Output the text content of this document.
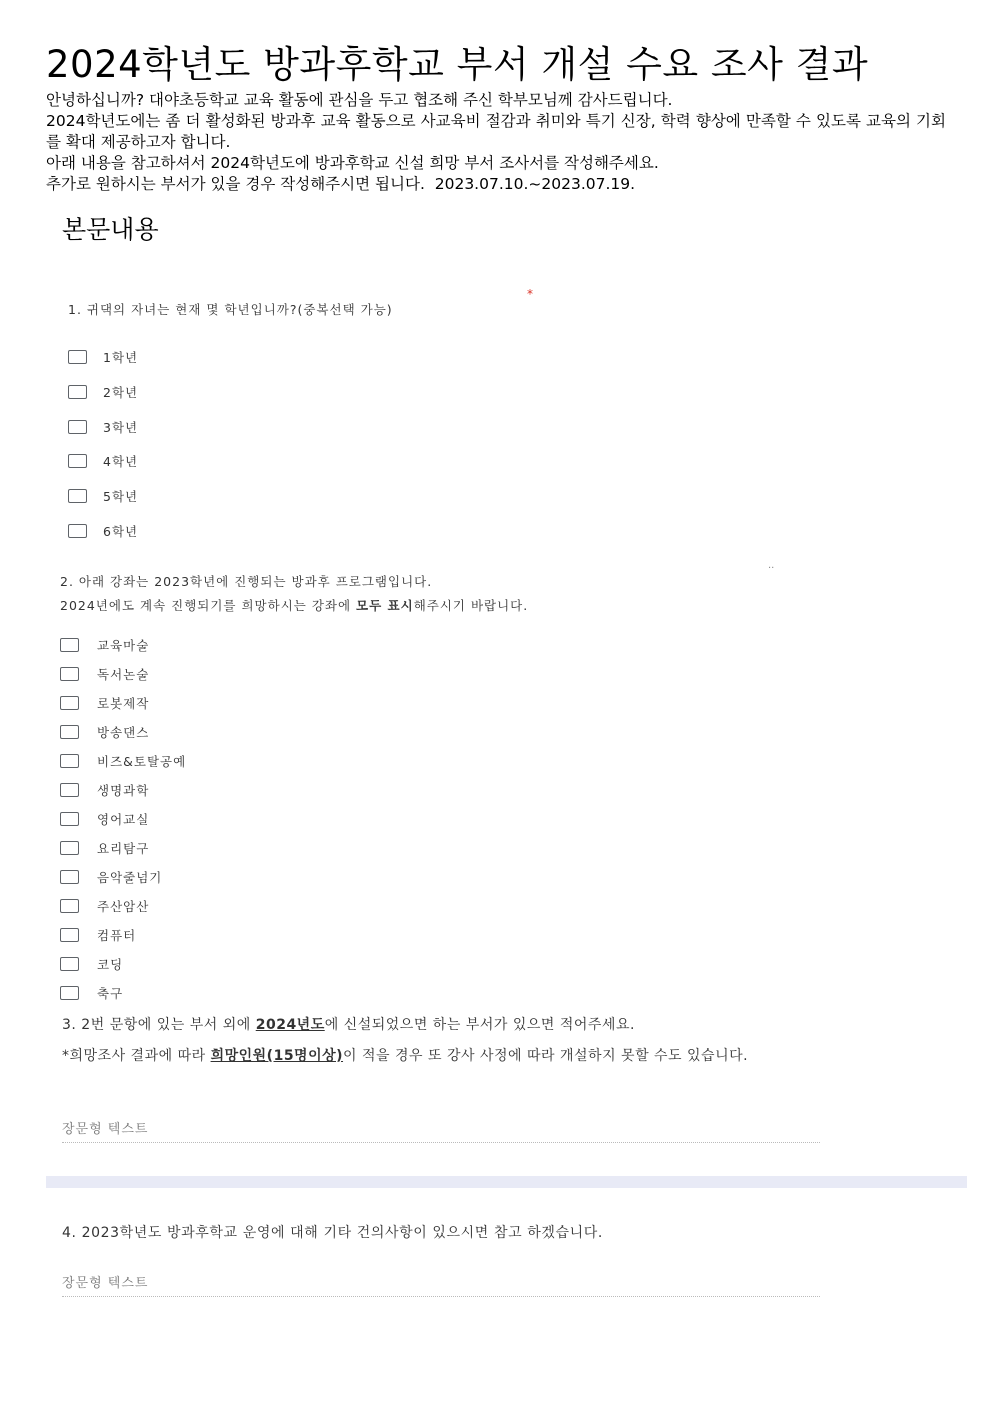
2024학년도 방과후학교 부서 개설 수요 조사 결과

안녕하십니까? 대야초등학교 교육 활동에 관심을 두고 협조해 주신 학부모님께 감사드립니다.

2024학년도에는 좀 더 활성화된 방과후 교육 활동으로 사교육비 절감과 취미와 특기 신장, 학력 향상에 만족할 수 있도록 교육의 기회를 확대 제공하고자 합니다.

아래 내용을 참고하셔서 2024학년도에 방과후학교 신설 희망 부서 조사서를 작성해주세요.

추가로 원하시는 부서가 있을 경우 작성해주시면 됩니다. 2023.07.10.~2023.07.19.

본문내용
1. 귀댁의 자녀는 현재 몇 학년입니까?(중복선택 가능)
*
1학년
2학년
3학년
4학년
5학년
6학년
2. 아래 강좌는 2023학년에 진행되는 방과후 프로그램입니다.
2024년에도 계속 진행되기를 희망하시는 강좌에 모두 표시해주시기 바랍니다.
..
교육마술
독서논술
로봇제작
방송댄스
비즈&토탈공예
생명과학
영어교실
요리탐구
음악줄넘기
주산암산
컴퓨터
코딩
축구

3. 2번 문항에 있는 부서 외에 2024년도에 신설되었으면 하는 부서가 있으면 적어주세요.

*희망조사 결과에 따라 희망인원(15명이상)이 적을 경우 또 강사 사정에 따라 개설하지 못할 수도 있습니다.

장문형 텍스트
4. 2023학년도 방과후학교 운영에 대해 기타 건의사항이 있으시면 참고 하겠습니다.
장문형 텍스트
